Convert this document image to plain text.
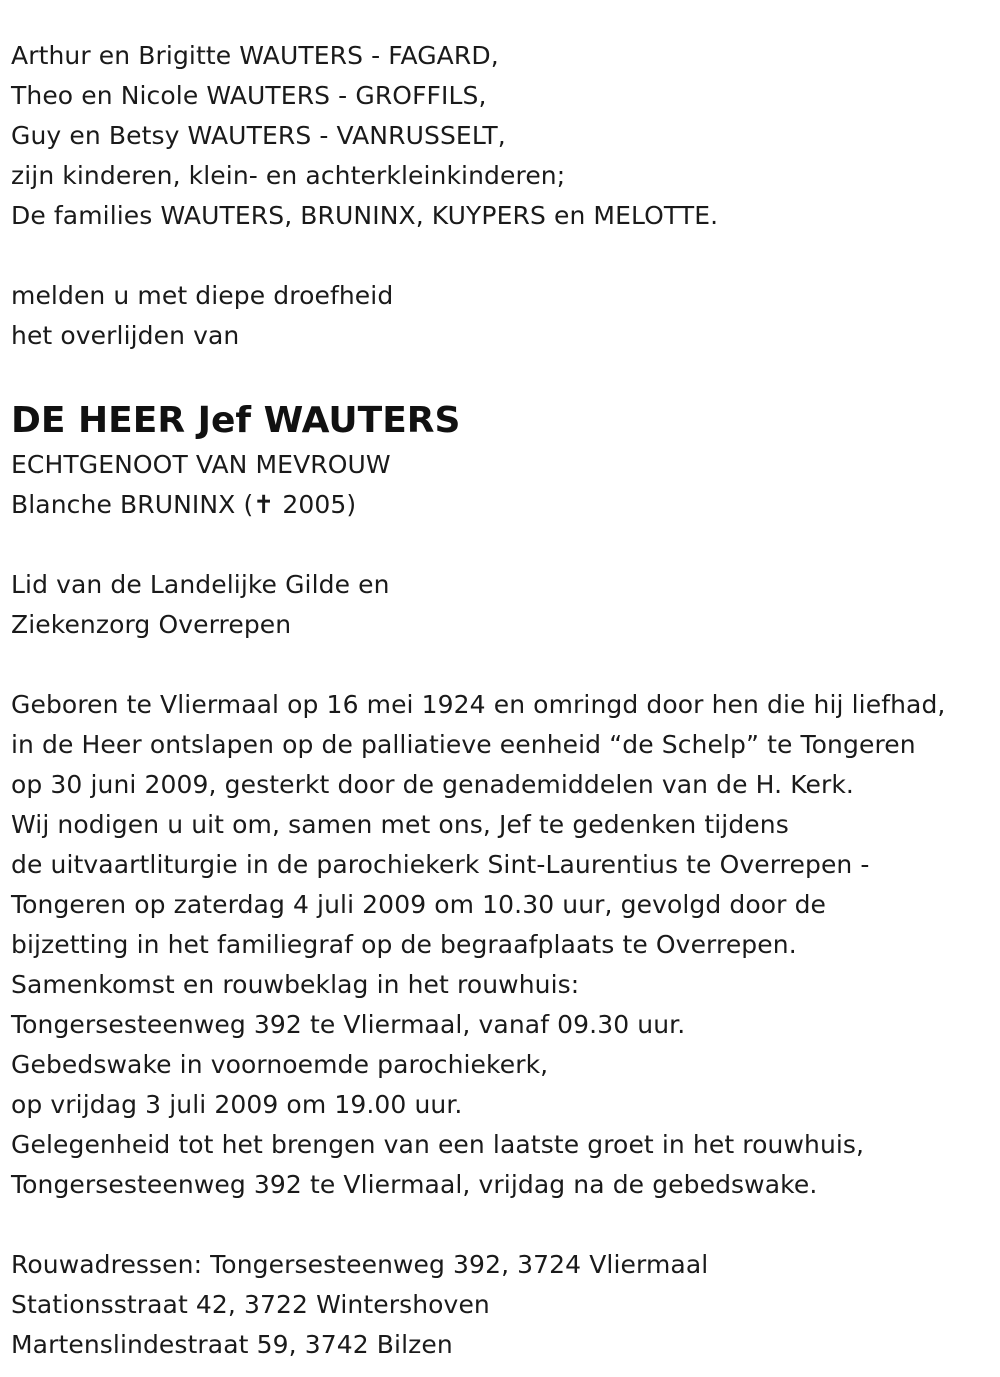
Arthur en Brigitte WAUTERS - FAGARD,
Theo en Nicole WAUTERS - GROFFILS,
Guy en Betsy WAUTERS - VANRUSSELT,
zijn kinderen, klein- en achterkleinkinderen;
De families WAUTERS, BRUNINX, KUYPERS en MELOTTE.
melden u met diepe droefheid
het overlijden van
DE HEER Jef WAUTERS
ECHTGENOOT VAN MEVROUW
Blanche BRUNINX (✝ 2005)
Lid van de Landelijke Gilde en
Ziekenzorg Overrepen
Geboren te Vliermaal op 16 mei 1924 en omringd door hen die hij liefhad,
in de Heer ontslapen op de palliatieve eenheid “de Schelp” te Tongeren
op 30 juni 2009, gesterkt door de genademiddelen van de H. Kerk.
Wij nodigen u uit om, samen met ons, Jef te gedenken tijdens
de uitvaartliturgie in de parochiekerk Sint-Laurentius te Overrepen -
Tongeren op zaterdag 4 juli 2009 om 10.30 uur, gevolgd door de
bijzetting in het familiegraf op de begraafplaats te Overrepen.
Samenkomst en rouwbeklag in het rouwhuis:
Tongersesteenweg 392 te Vliermaal, vanaf 09.30 uur.
Gebedswake in voornoemde parochiekerk,
op vrijdag 3 juli 2009 om 19.00 uur.
Gelegenheid tot het brengen van een laatste groet in het rouwhuis,
Tongersesteenweg 392 te Vliermaal, vrijdag na de gebedswake.
Rouwadressen: Tongersesteenweg 392, 3724 Vliermaal
Stationsstraat 42, 3722 Wintershoven
Martenslindestraat 59, 3742 Bilzen
